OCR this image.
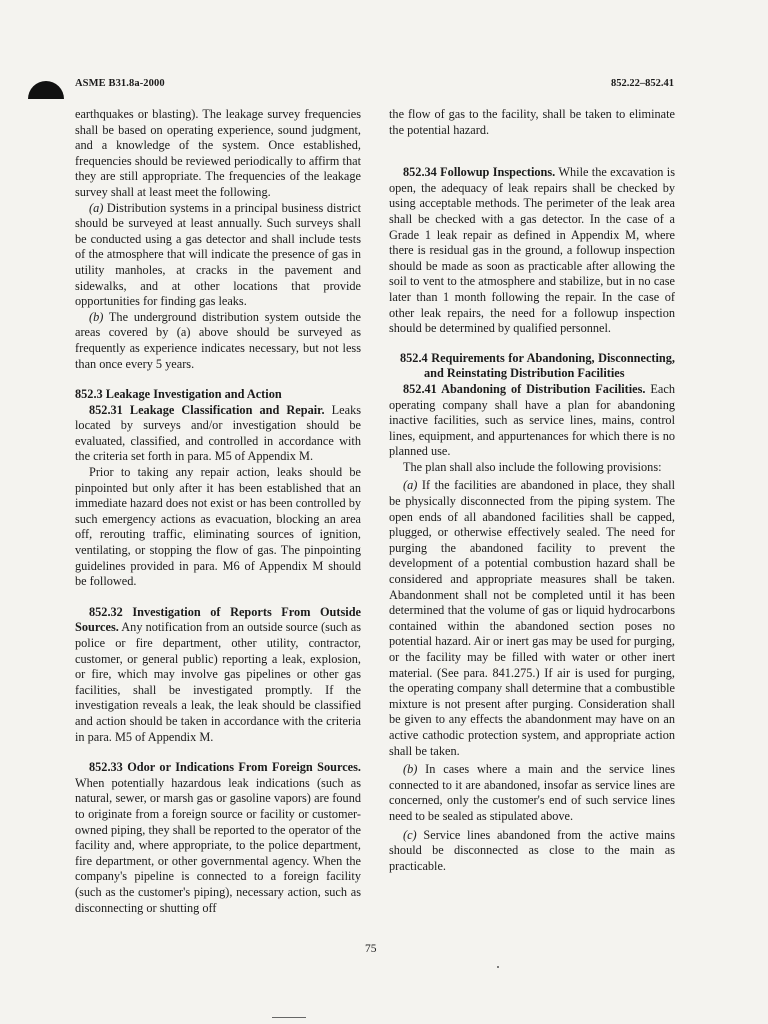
ASME B31.8a-2000	852.22–852.41

earthquakes or blasting). The leakage survey frequencies shall be based on operating experience, sound judgment, and a knowledge of the system. Once established, frequencies should be reviewed periodically to affirm that they are still appropriate. The frequencies of the leakage survey shall at least meet the following.

(a) Distribution systems in a principal business district should be surveyed at least annually. Such surveys shall be conducted using a gas detector and shall include tests of the atmosphere that will indicate the presence of gas in utility manholes, at cracks in the pavement and sidewalks, and at other locations that provide opportunities for finding gas leaks.

(b) The underground distribution system outside the areas covered by (a) above should be surveyed as frequently as experience indicates necessary, but not less than once every 5 years.

852.3 Leakage Investigation and Action

852.31 Leakage Classification and Repair. Leaks located by surveys and/or investigation should be evaluated, classified, and controlled in accordance with the criteria set forth in para. M5 of Appendix M.

Prior to taking any repair action, leaks should be pinpointed but only after it has been established that an immediate hazard does not exist or has been controlled by such emergency actions as evacuation, blocking an area off, rerouting traffic, eliminating sources of ignition, ventilating, or stopping the flow of gas. The pinpointing guidelines provided in para. M6 of Appendix M should be followed.

852.32 Investigation of Reports From Outside Sources. Any notification from an outside source (such as police or fire department, other utility, contractor, customer, or general public) reporting a leak, explosion, or fire, which may involve gas pipelines or other gas facilities, shall be investigated promptly. If the investigation reveals a leak, the leak should be classified and action should be taken in accordance with the criteria in para. M5 of Appendix M.

852.33 Odor or Indications From Foreign Sources. When potentially hazardous leak indications (such as natural, sewer, or marsh gas or gasoline vapors) are found to originate from a foreign source or facility or customer-owned piping, they shall be reported to the operator of the facility and, where appropriate, to the police department, fire department, or other governmental agency. When the company's pipeline is connected to a foreign facility (such as the customer's piping), necessary action, such as disconnecting or shutting off

the flow of gas to the facility, shall be taken to eliminate the potential hazard.

852.34 Followup Inspections. While the excavation is open, the adequacy of leak repairs shall be checked by using acceptable methods. The perimeter of the leak area shall be checked with a gas detector. In the case of a Grade 1 leak repair as defined in Appendix M, where there is residual gas in the ground, a followup inspection should be made as soon as practicable after allowing the soil to vent to the atmosphere and stabilize, but in no case later than 1 month following the repair. In the case of other leak repairs, the need for a followup inspection should be determined by qualified personnel.

852.4 Requirements for Abandoning, Disconnecting, and Reinstating Distribution Facilities

852.41 Abandoning of Distribution Facilities. Each operating company shall have a plan for abandoning inactive facilities, such as service lines, mains, control lines, equipment, and appurtenances for which there is no planned use.

The plan shall also include the following provisions:

(a) If the facilities are abandoned in place, they shall be physically disconnected from the piping system. The open ends of all abandoned facilities shall be capped, plugged, or otherwise effectively sealed. The need for purging the abandoned facility to prevent the development of a potential combustion hazard shall be considered and appropriate measures shall be taken. Abandonment shall not be completed until it has been determined that the volume of gas or liquid hydrocarbons contained within the abandoned section poses no potential hazard. Air or inert gas may be used for purging, or the facility may be filled with water or other inert material. (See para. 841.275.) If air is used for purging, the operating company shall determine that a combustible mixture is not present after purging. Consideration shall be given to any effects the abandonment may have on an active cathodic protection system, and appropriate action shall be taken.

(b) In cases where a main and the service lines connected to it are abandoned, insofar as service lines are concerned, only the customer's end of such service lines need to be sealed as stipulated above.

(c) Service lines abandoned from the active mains should be disconnected as close to the main as practicable.

75
